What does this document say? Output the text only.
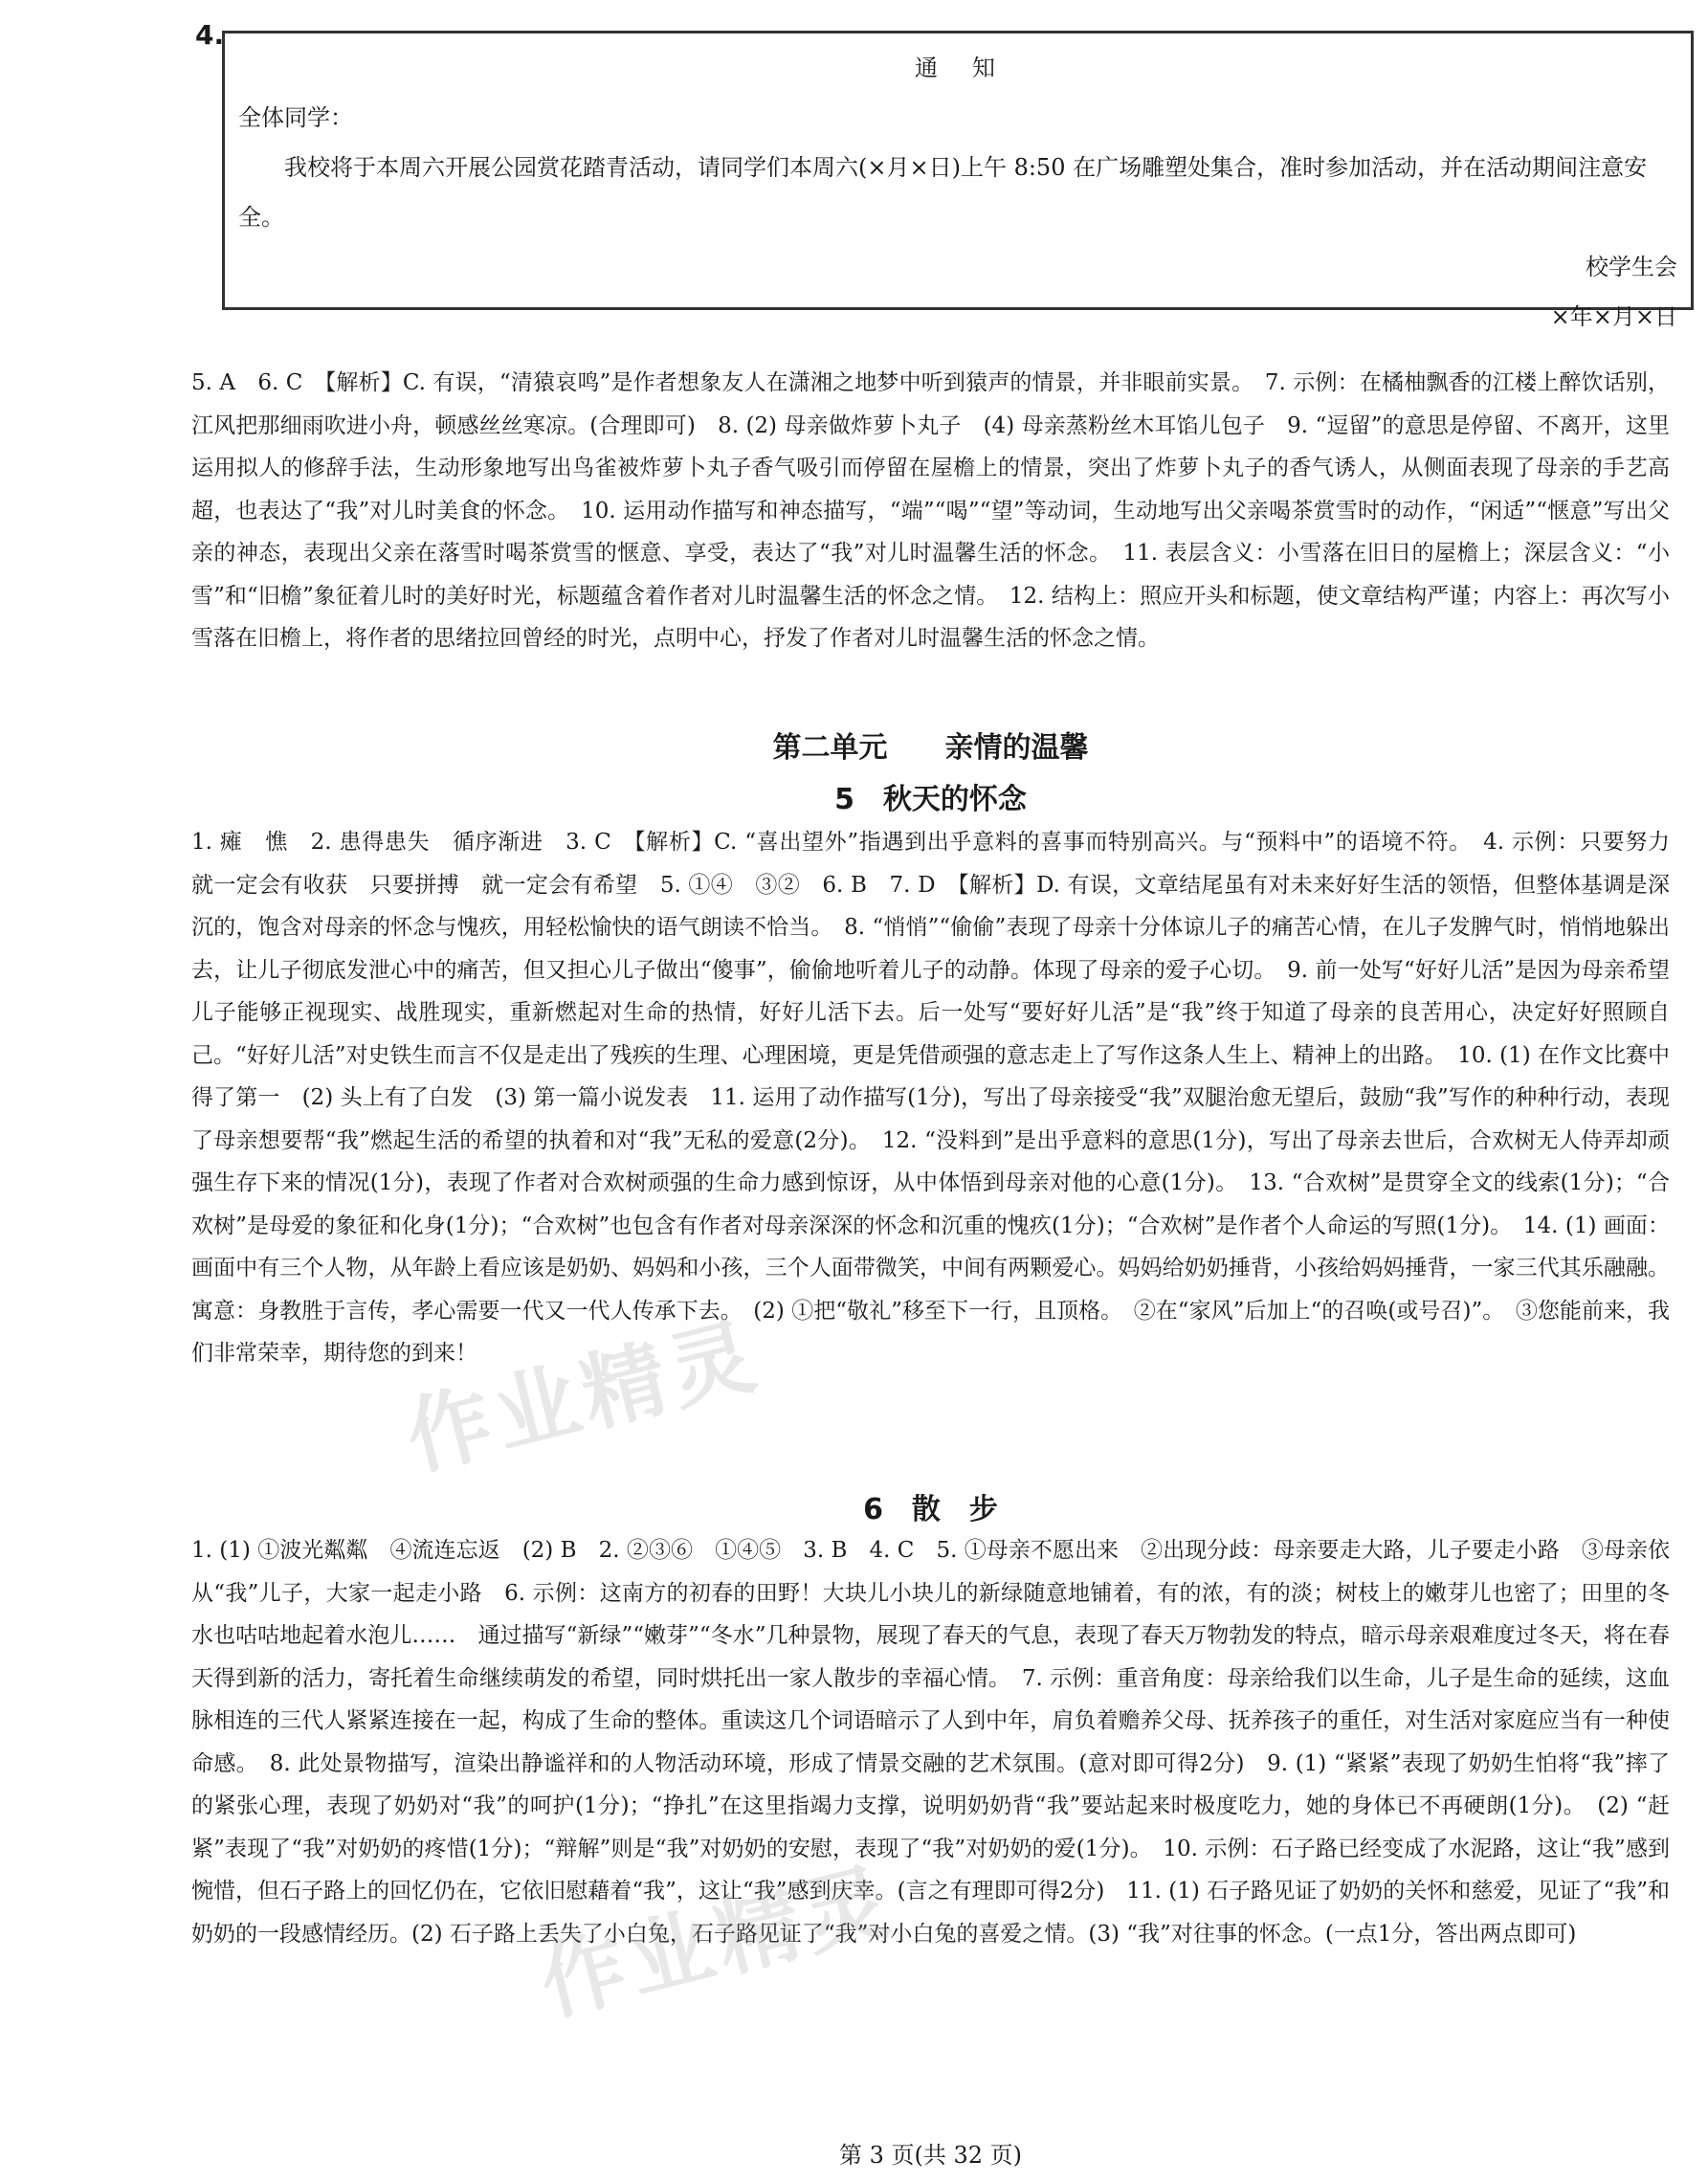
4.
通　知
全体同学：
我校将于本周六开展公园赏花踏青活动，请同学们本周六(×月×日)上午 8:50 在广场雕塑处集合，准时参加活动，并在活动期间注意安全。
校学生会
×年×月×日
5. A　6. C　【解析】C. 有误，“清猿哀鸣”是作者想象友人在潇湘之地梦中听到猿声的情景，并非眼前实景。　7. 示例：在橘柚飘香的江楼上醉饮话别，江风把那细雨吹进小舟，顿感丝丝寒凉。(合理即可)　8. (2) 母亲做炸萝卜丸子　(4) 母亲蒸粉丝木耳馅儿包子　9. “逗留”的意思是停留、不离开，这里运用拟人的修辞手法，生动形象地写出鸟雀被炸萝卜丸子香气吸引而停留在屋檐上的情景，突出了炸萝卜丸子的香气诱人，从侧面表现了母亲的手艺高超，也表达了“我”对儿时美食的怀念。　10. 运用动作描写和神态描写，“端”“喝”“望”等动词，生动地写出父亲喝茶赏雪时的动作，“闲适”“惬意”写出父亲的神态，表现出父亲在落雪时喝茶赏雪的惬意、享受，表达了“我”对儿时温馨生活的怀念。　11. 表层含义：小雪落在旧日的屋檐上；深层含义：“小雪”和“旧檐”象征着儿时的美好时光，标题蕴含着作者对儿时温馨生活的怀念之情。　12. 结构上：照应开头和标题，使文章结构严谨；内容上：再次写小雪落在旧檐上，将作者的思绪拉回曾经的时光，点明中心，抒发了作者对儿时温馨生活的怀念之情。
第二单元　　亲情的温馨
5　秋天的怀念
1. 瘫　憔　2. 患得患失　循序渐进　3. C　【解析】C. “喜出望外”指遇到出乎意料的喜事而特别高兴。与“预料中”的语境不符。　4. 示例：只要努力　就一定会有收获　只要拼搏　就一定会有希望　5. ①④　③②　6. B　7. D　【解析】D. 有误，文章结尾虽有对未来好好生活的领悟，但整体基调是深沉的，饱含对母亲的怀念与愧疚，用轻松愉快的语气朗读不恰当。　8. “悄悄”“偷偷”表现了母亲十分体谅儿子的痛苦心情，在儿子发脾气时，悄悄地躲出去，让儿子彻底发泄心中的痛苦，但又担心儿子做出“傻事”，偷偷地听着儿子的动静。体现了母亲的爱子心切。　9. 前一处写“好好儿活”是因为母亲希望儿子能够正视现实、战胜现实，重新燃起对生命的热情，好好儿活下去。后一处写“要好好儿活”是“我”终于知道了母亲的良苦用心，决定好好照顾自己。“好好儿活”对史铁生而言不仅是走出了残疾的生理、心理困境，更是凭借顽强的意志走上了写作这条人生上、精神上的出路。　10. (1) 在作文比赛中得了第一　(2) 头上有了白发　(3) 第一篇小说发表　11. 运用了动作描写(1分)，写出了母亲接受“我”双腿治愈无望后，鼓励“我”写作的种种行动，表现了母亲想要帮“我”燃起生活的希望的执着和对“我”无私的爱意(2分)。　12. “没料到”是出乎意料的意思(1分)，写出了母亲去世后，合欢树无人侍弄却顽强生存下来的情况(1分)，表现了作者对合欢树顽强的生命力感到惊讶，从中体悟到母亲对他的心意(1分)。　13. “合欢树”是贯穿全文的线索(1分)；“合欢树”是母爱的象征和化身(1分)；“合欢树”也包含有作者对母亲深深的怀念和沉重的愧疚(1分)；“合欢树”是作者个人命运的写照(1分)。　14. (1) 画面：画面中有三个人物，从年龄上看应该是奶奶、妈妈和小孩，三个人面带微笑，中间有两颗爱心。妈妈给奶奶捶背，小孩给妈妈捶背，一家三代其乐融融。寓意：身教胜于言传，孝心需要一代又一代人传承下去。　(2) ①把“敬礼”移至下一行，且顶格。　②在“家风”后加上“的召唤(或号召)”。　③您能前来，我们非常荣幸，期待您的到来！
6　散　步
1. (1) ①波光粼粼　④流连忘返　(2) B　2. ②③⑥　①④⑤　3. B　4. C　5. ①母亲不愿出来　②出现分歧：母亲要走大路，儿子要走小路　③母亲依从“我”儿子，大家一起走小路　6. 示例：这南方的初春的田野！大块儿小块儿的新绿随意地铺着，有的浓，有的淡；树枝上的嫩芽儿也密了；田里的冬水也咕咕地起着水泡儿……　通过描写“新绿”“嫩芽”“冬水”几种景物，展现了春天的气息，表现了春天万物勃发的特点，暗示母亲艰难度过冬天，将在春天得到新的活力，寄托着生命继续萌发的希望，同时烘托出一家人散步的幸福心情。　7. 示例：重音角度：母亲给我们以生命，儿子是生命的延续，这血脉相连的三代人紧紧连接在一起，构成了生命的整体。重读这几个词语暗示了人到中年，肩负着赡养父母、抚养孩子的重任，对生活对家庭应当有一种使命感。　8. 此处景物描写，渲染出静谧祥和的人物活动环境，形成了情景交融的艺术氛围。(意对即可得2分)　9. (1) “紧紧”表现了奶奶生怕将“我”摔了的紧张心理，表现了奶奶对“我”的呵护(1分)；“挣扎”在这里指竭力支撑，说明奶奶背“我”要站起来时极度吃力，她的身体已不再硬朗(1分)。　(2) “赶紧”表现了“我”对奶奶的疼惜(1分)；“辩解”则是“我”对奶奶的安慰，表现了“我”对奶奶的爱(1分)。　10. 示例：石子路已经变成了水泥路，这让“我”感到惋惜，但石子路上的回忆仍在，它依旧慰藉着“我”，这让“我”感到庆幸。(言之有理即可得2分)　11. (1) 石子路见证了奶奶的关怀和慈爱，见证了“我”和奶奶的一段感情经历。(2) 石子路上丢失了小白兔，石子路见证了“我”对小白兔的喜爱之情。(3) “我”对往事的怀念。(一点1分，答出两点即可)
第 3 页(共 32 页)
作业精灵
作业精灵
